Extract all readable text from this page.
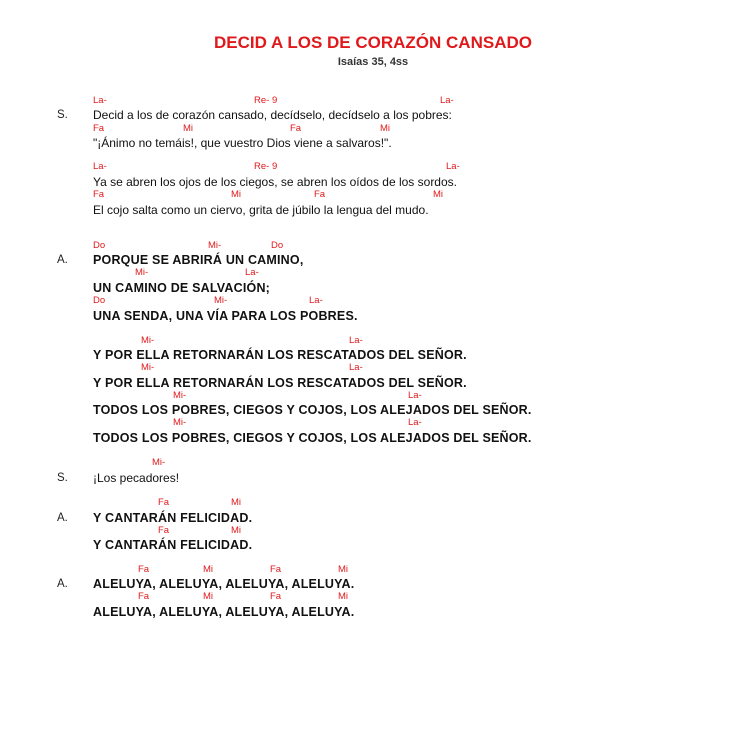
DECID A LOS DE CORAZÓN CANSADO
Isaías 35, 4ss
La-	Re- 9	La-
S. Decid a los de corazón cansado, decídselo, decídselo a los pobres:
Fa	Mi	Fa	Mi
"¡Ánimo no temáis!, que vuestro Dios viene a salvaros!".
La-	Re- 9	La-
Ya se abren los ojos de los ciegos, se abren los oídos de los sordos.
Fa	Mi	Fa	Mi
El cojo salta como un ciervo, grita de júbilo la lengua del mudo.
Do	Mi-	Do
A. PORQUE SE ABRIRÁ UN CAMINO,
Mi-	La-
UN CAMINO DE SALVACIÓN;
Do	Mi-	La-
UNA SENDA, UNA VÍA PARA LOS POBRES.
Mi-	La-
Y POR ELLA RETORNARÁN LOS RESCATADOS DEL SEÑOR.
Mi-	La-
Y POR ELLA RETORNARÁN LOS RESCATADOS DEL SEÑOR.
Mi-	La-
TODOS LOS POBRES, CIEGOS Y COJOS, LOS ALEJADOS DEL SEÑOR.
Mi-	La-
TODOS LOS POBRES, CIEGOS Y COJOS, LOS ALEJADOS DEL SEÑOR.
Mi-
S. ¡Los pecadores!
Fa	Mi
A. Y CANTARÁN FELICIDAD.
Fa	Mi
Y CANTARÁN FELICIDAD.
Fa	Mi	Fa	Mi
A. ALELUYA, ALELUYA, ALELUYA, ALELUYA.
Fa	Mi	Fa	Mi
ALELUYA, ALELUYA, ALELUYA, ALELUYA.
